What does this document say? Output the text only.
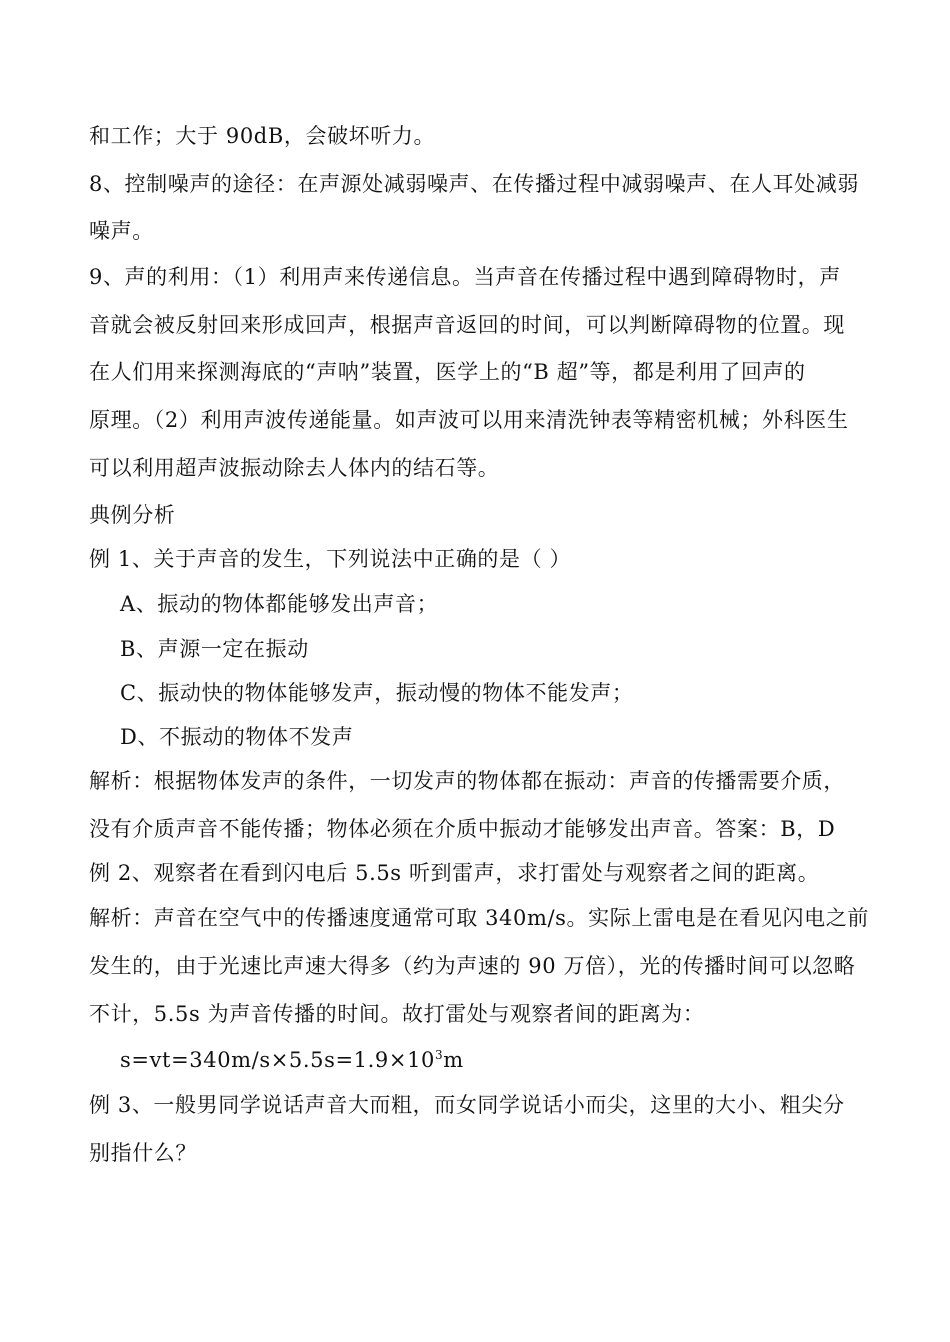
和工作；大于 90dB，会破坏听力。
8、控制噪声的途径：在声源处减弱噪声、在传播过程中减弱噪声、在人耳处减弱
噪声。
9、声的利用：（1）利用声来传递信息。当声音在传播过程中遇到障碍物时，声
音就会被反射回来形成回声，根据声音返回的时间，可以判断障碍物的位置。现
在人们用来探测海底的“声呐”装置，医学上的“B 超”等，都是利用了回声的
原理。（2）利用声波传递能量。如声波可以用来清洗钟表等精密机械；外科医生
可以利用超声波振动除去人体内的结石等。
典例分析
例 1、关于声音的发生，下列说法中正确的是（ ）
A、振动的物体都能够发出声音；
B、声源一定在振动
C、振动快的物体能够发声，振动慢的物体不能发声；
D、不振动的物体不发声
解析：根据物体发声的条件，一切发声的物体都在振动：声音的传播需要介质，
没有介质声音不能传播；物体必须在介质中振动才能够发出声音。答案：B，D
例 2、观察者在看到闪电后 5.5s 听到雷声，求打雷处与观察者之间的距离。
解析：声音在空气中的传播速度通常可取 340m/s。实际上雷电是在看见闪电之前
发生的，由于光速比声速大得多（约为声速的 90 万倍），光的传播时间可以忽略
不计，5.5s 为声音传播的时间。故打雷处与观察者间的距离为：
$s=vt=340m/s\times 5.5s=1.9\times 10^3m$
例 3、一般男同学说话声音大而粗，而女同学说话小而尖，这里的大小、粗尖分
别指什么？
